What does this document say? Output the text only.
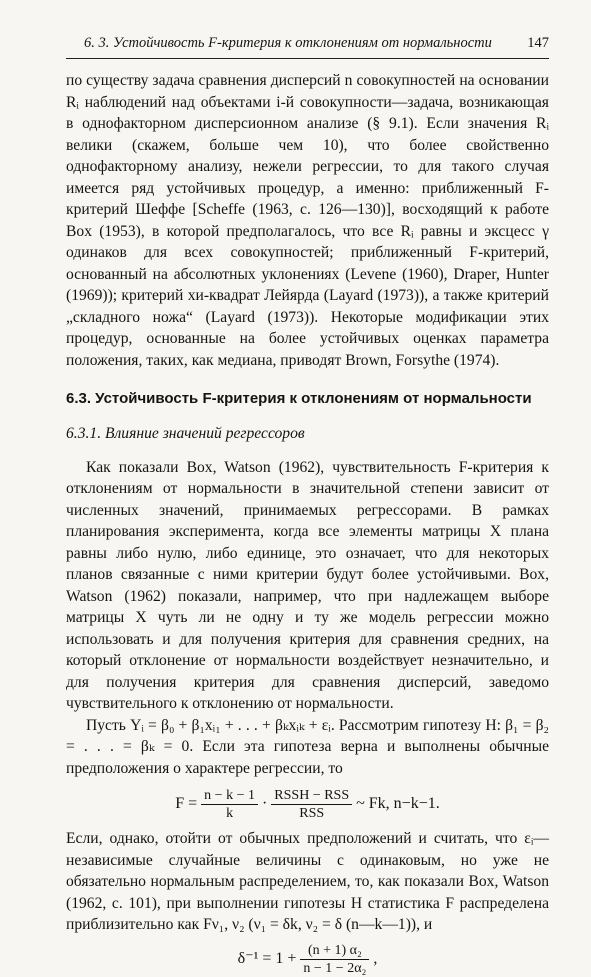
6. 3. Устойчивость F-критерия к отклонениям от нормальности 147

по существу задача сравнения дисперсий n совокупностей на основании Rᵢ наблюдений над объектами i-й совокупности—задача, возникающая в однофакторном дисперсионном анализе (§ 9.1). Если значения Rᵢ велики (скажем, больше чем 10), что более свойственно однофакторному анализу, нежели регрессии, то для такого случая имеется ряд устойчивых процедур, а именно: приближенный F-критерий Шеффе [Scheffe (1963, с. 126—130)], восходящий к работе Box (1953), в которой предполагалось, что все Rᵢ равны и эксцесс γ одинаков для всех совокупностей; приближенный F-критерий, основанный на абсолютных уклонениях (Levene (1960), Draper, Hunter (1969)); критерий хи-квадрат Лейярда (Layard (1973)), а также критерий „складного ножа“ (Layard (1973)). Некоторые модификации этих процедур, основанные на более устойчивых оценках параметра положения, таких, как медиана, приводят Brown, Forsythe (1974).

6.3. Устойчивость F-критерия к отклонениям от нормальности
6.3.1. Влияние значений регрессоров

Как показали Box, Watson (1962), чувствительность F-критерия к отклонениям от нормальности в значительной степени зависит от численных значений, принимаемых регрессорами. В рамках планирования эксперимента, когда все элементы матрицы X плана равны либо нулю, либо единице, это означает, что для некоторых планов связанные с ними критерии будут более устойчивыми. Box, Watson (1962) показали, например, что при надлежащем выборе матрицы X чуть ли не одну и ту же модель регрессии можно использовать и для получения критерия для сравнения средних, на который отклонение от нормальности воздействует незначительно, и для получения критерия для сравнения дисперсий, заведомо чувствительного к отклонению от нормальности.

Пусть Yᵢ = β₀ + β₁xᵢ₁ + . . . + βₖxᵢₖ + εᵢ. Рассмотрим гипотезу H: β₁ = β₂ = . . . = βₖ = 0. Если эта гипотеза верна и выполнены обычные предположения о характере регрессии, то

$F = \frac{n - k - 1}{k} \cdot \frac{\text{RSSH − RSS}}{\text{RSS}}$ ~ Fk, n−k−1.

Если, однако, отойти от обычных предположений и считать, что εᵢ—независимые случайные величины с одинаковым, но уже не обязательно нормальным распределением, то, как показали Box, Watson (1962, с. 101), при выполнении гипотезы H статистика F распределена приблизительно как Fν₁, ν₂ (ν₁ = δk, ν₂ = δ (n—k—1)), и

$\delta^{-1} = 1 + \frac{\text{(n + 1) α₂}}{\text{n − 1 − 2α₂}}$ ,
